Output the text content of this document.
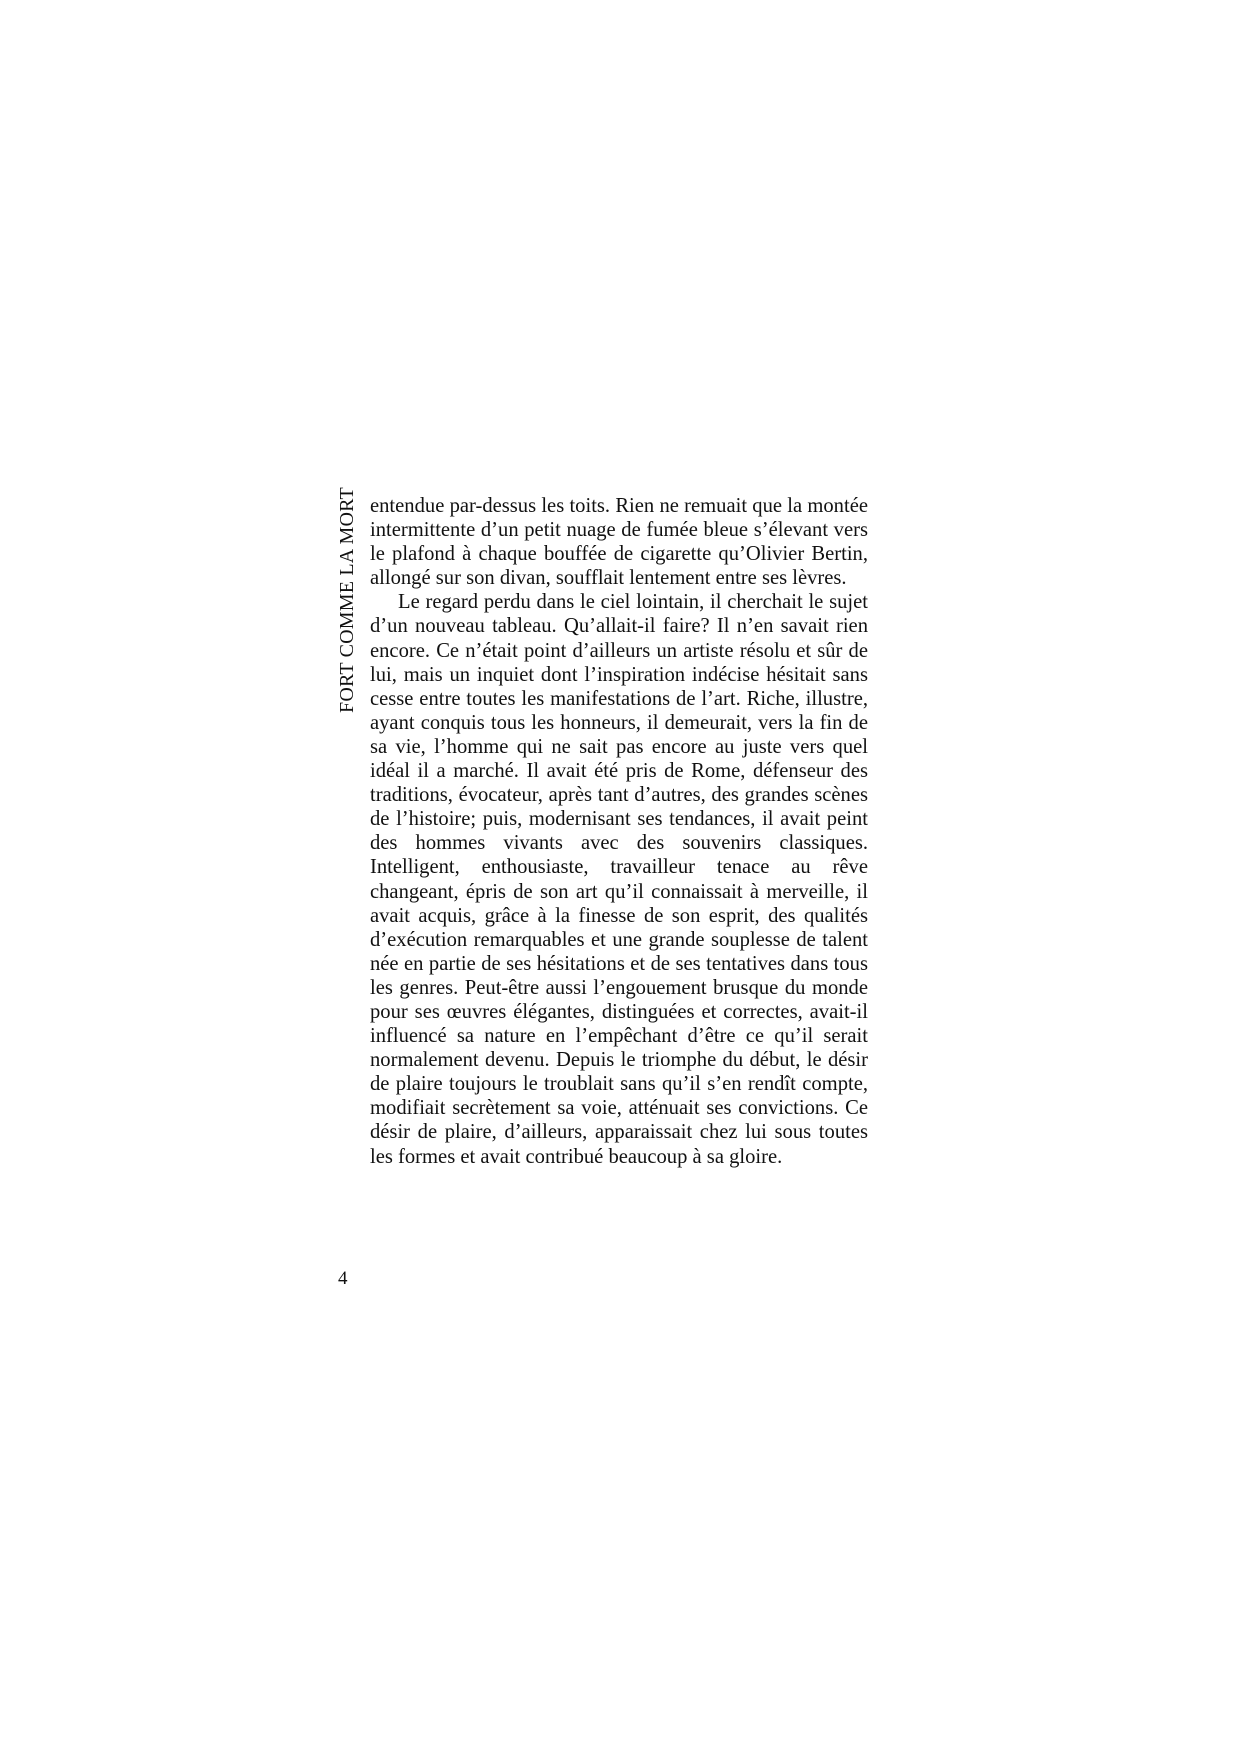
FORT COMME LA MORT entendue par-dessus les toits. Rien ne remuait que la montée intermittente d’un petit nuage de fumée bleue s’élevant vers le plafond à chaque bouffée de cigarette qu’Olivier Bertin, allongé sur son divan, soufflait lentement entre ses lèvres.

Le regard perdu dans le ciel lointain, il cherchait le sujet d’un nouveau tableau. Qu’allait-il faire? Il n’en savait rien encore. Ce n’était point d’ailleurs un artiste résolu et sûr de lui, mais un inquiet dont l’inspiration indécise hésitait sans cesse entre toutes les manifestations de l’art. Riche, illustre, ayant conquis tous les honneurs, il demeurait, vers la fin de sa vie, l’homme qui ne sait pas encore au juste vers quel idéal il a marché. Il avait été pris de Rome, défenseur des traditions, évocateur, après tant d’autres, des grandes scènes de l’histoire; puis, modernisant ses tendances, il avait peint des hommes vivants avec des souvenirs classiques. Intelligent, enthousiaste, travailleur tenace au rêve changeant, épris de son art qu’il connaissait à merveille, il avait acquis, grâce à la finesse de son esprit, des qualités d’exécution remarquables et une grande souplesse de talent née en partie de ses hésitations et de ses tentatives dans tous les genres. Peut-être aussi l’engouement brusque du monde pour ses œuvres élégantes, distinguées et correctes, avait-il influencé sa nature en l’empêchant d’être ce qu’il serait normalement devenu. Depuis le triomphe du début, le désir de plaire toujours le troublait sans qu’il s’en rendît compte, modifiait secrètement sa voie, atténuait ses convictions. Ce désir de plaire, d’ailleurs, apparaissait chez lui sous toutes les formes et avait contribué beaucoup à sa gloire.

4
